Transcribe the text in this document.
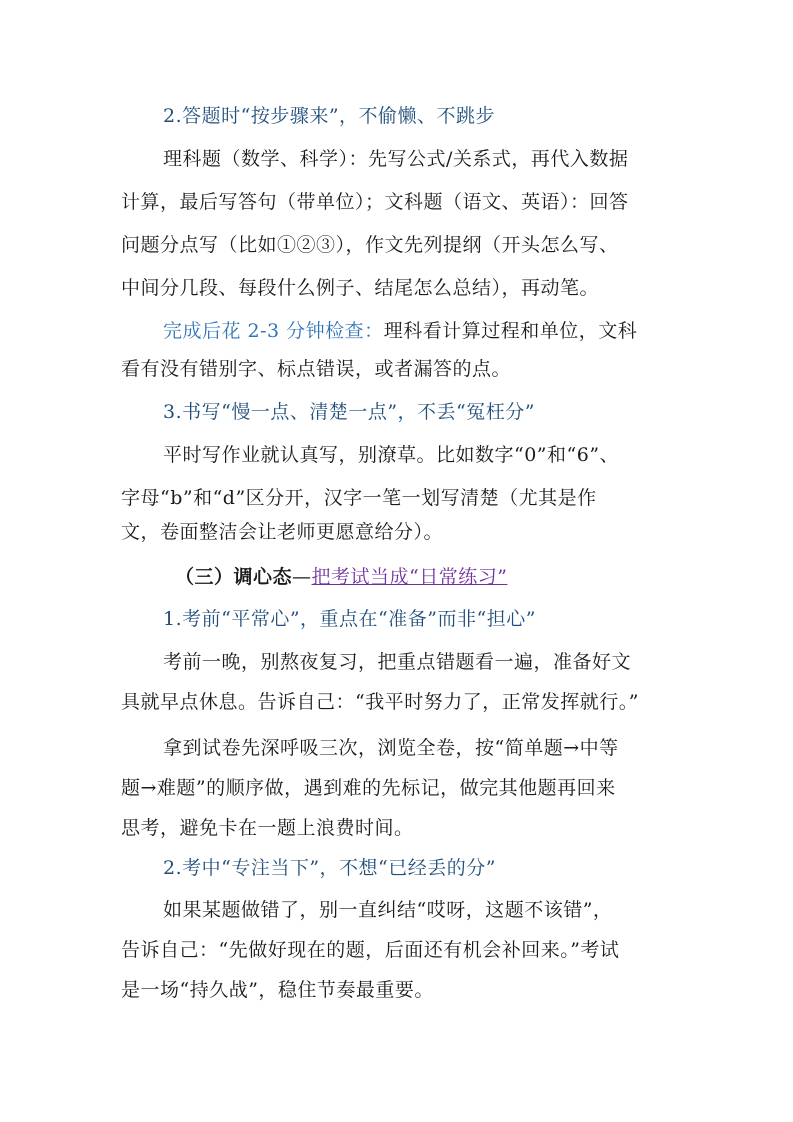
2.答题时“按步骤来”，不偷懒、不跳步
理科题（数学、科学）：先写公式/关系式，再代入数据
计算，最后写答句（带单位）；文科题（语文、英语）：回答
问题分点写（比如①②③），作文先列提纲（开头怎么写、
中间分几段、每段什么例子、结尾怎么总结），再动笔。
完成后花 2-3 分钟检查：理科看计算过程和单位，文科
看有没有错别字、标点错误，或者漏答的点。
3.书写“慢一点、清楚一点”，不丢“冤枉分”
平时写作业就认真写，别潦草。比如数字“0”和“6”、
字母“b”和“d”区分开，汉字一笔一划写清楚（尤其是作
文，卷面整洁会让老师更愿意给分）。
（三）调心态—把考试当成“日常练习”
1.考前“平常心”，重点在“准备”而非“担心”
考前一晚，别熬夜复习，把重点错题看一遍，准备好文
具就早点休息。告诉自己：“我平时努力了，正常发挥就行。”
拿到试卷先深呼吸三次，浏览全卷，按“简单题→中等
题→难题”的顺序做，遇到难的先标记，做完其他题再回来
思考，避免卡在一题上浪费时间。
2.考中“专注当下”，不想“已经丢的分”
如果某题做错了，别一直纠结“哎呀，这题不该错”，
告诉自己：“先做好现在的题，后面还有机会补回来。”考试
是一场“持久战”，稳住节奏最重要。
